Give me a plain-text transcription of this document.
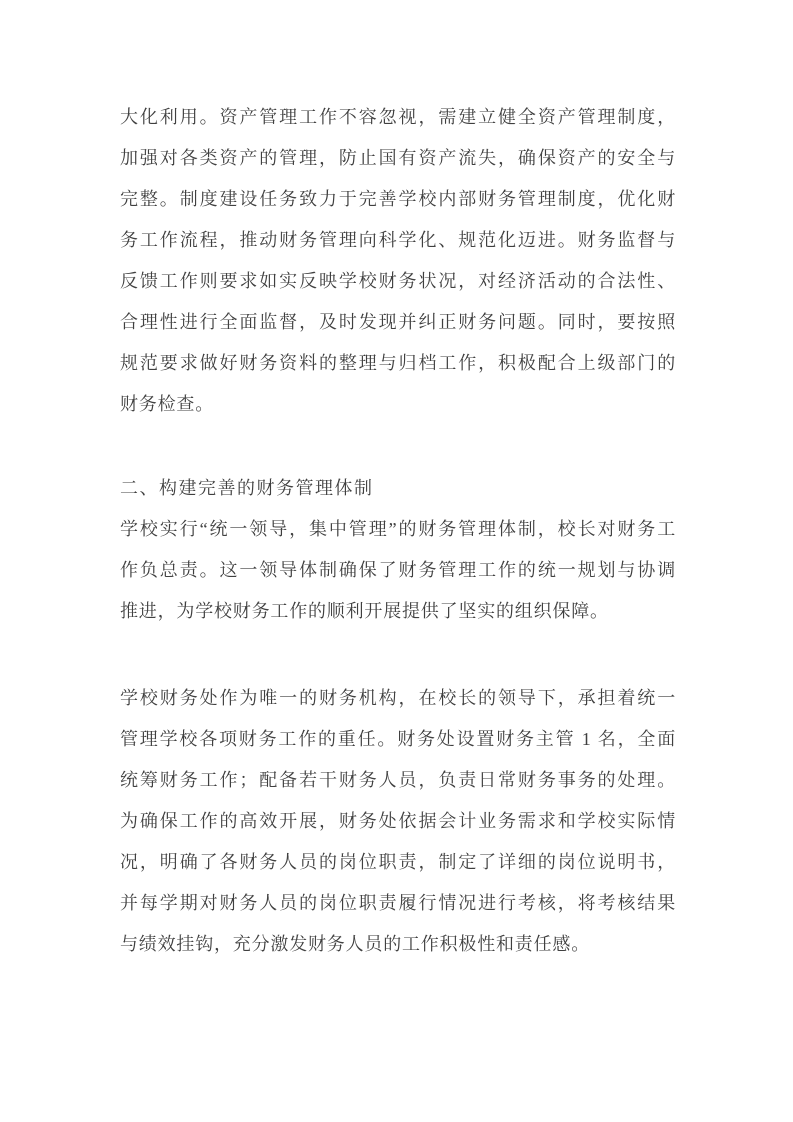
大化利用。资产管理工作不容忽视，需建立健全资产管理制度，
加强对各类资产的管理，防止国有资产流失，确保资产的安全与
完整。制度建设任务致力于完善学校内部财务管理制度，优化财
务工作流程，推动财务管理向科学化、规范化迈进。财务监督与
反馈工作则要求如实反映学校财务状况，对经济活动的合法性、
合理性进行全面监督，及时发现并纠正财务问题。同时，要按照
规范要求做好财务资料的整理与归档工作，积极配合上级部门的
财务检查。
二、构建完善的财务管理体制
学校实行“统一领导，集中管理”的财务管理体制，校长对财务工
作负总责。这一领导体制确保了财务管理工作的统一规划与协调
推进，为学校财务工作的顺利开展提供了坚实的组织保障。
学校财务处作为唯一的财务机构，在校长的领导下，承担着统一
管理学校各项财务工作的重任。财务处设置财务主管 1 名，全面
统筹财务工作；配备若干财务人员，负责日常财务事务的处理。
为确保工作的高效开展，财务处依据会计业务需求和学校实际情
况，明确了各财务人员的岗位职责，制定了详细的岗位说明书，
并每学期对财务人员的岗位职责履行情况进行考核，将考核结果
与绩效挂钩，充分激发财务人员的工作积极性和责任感。
